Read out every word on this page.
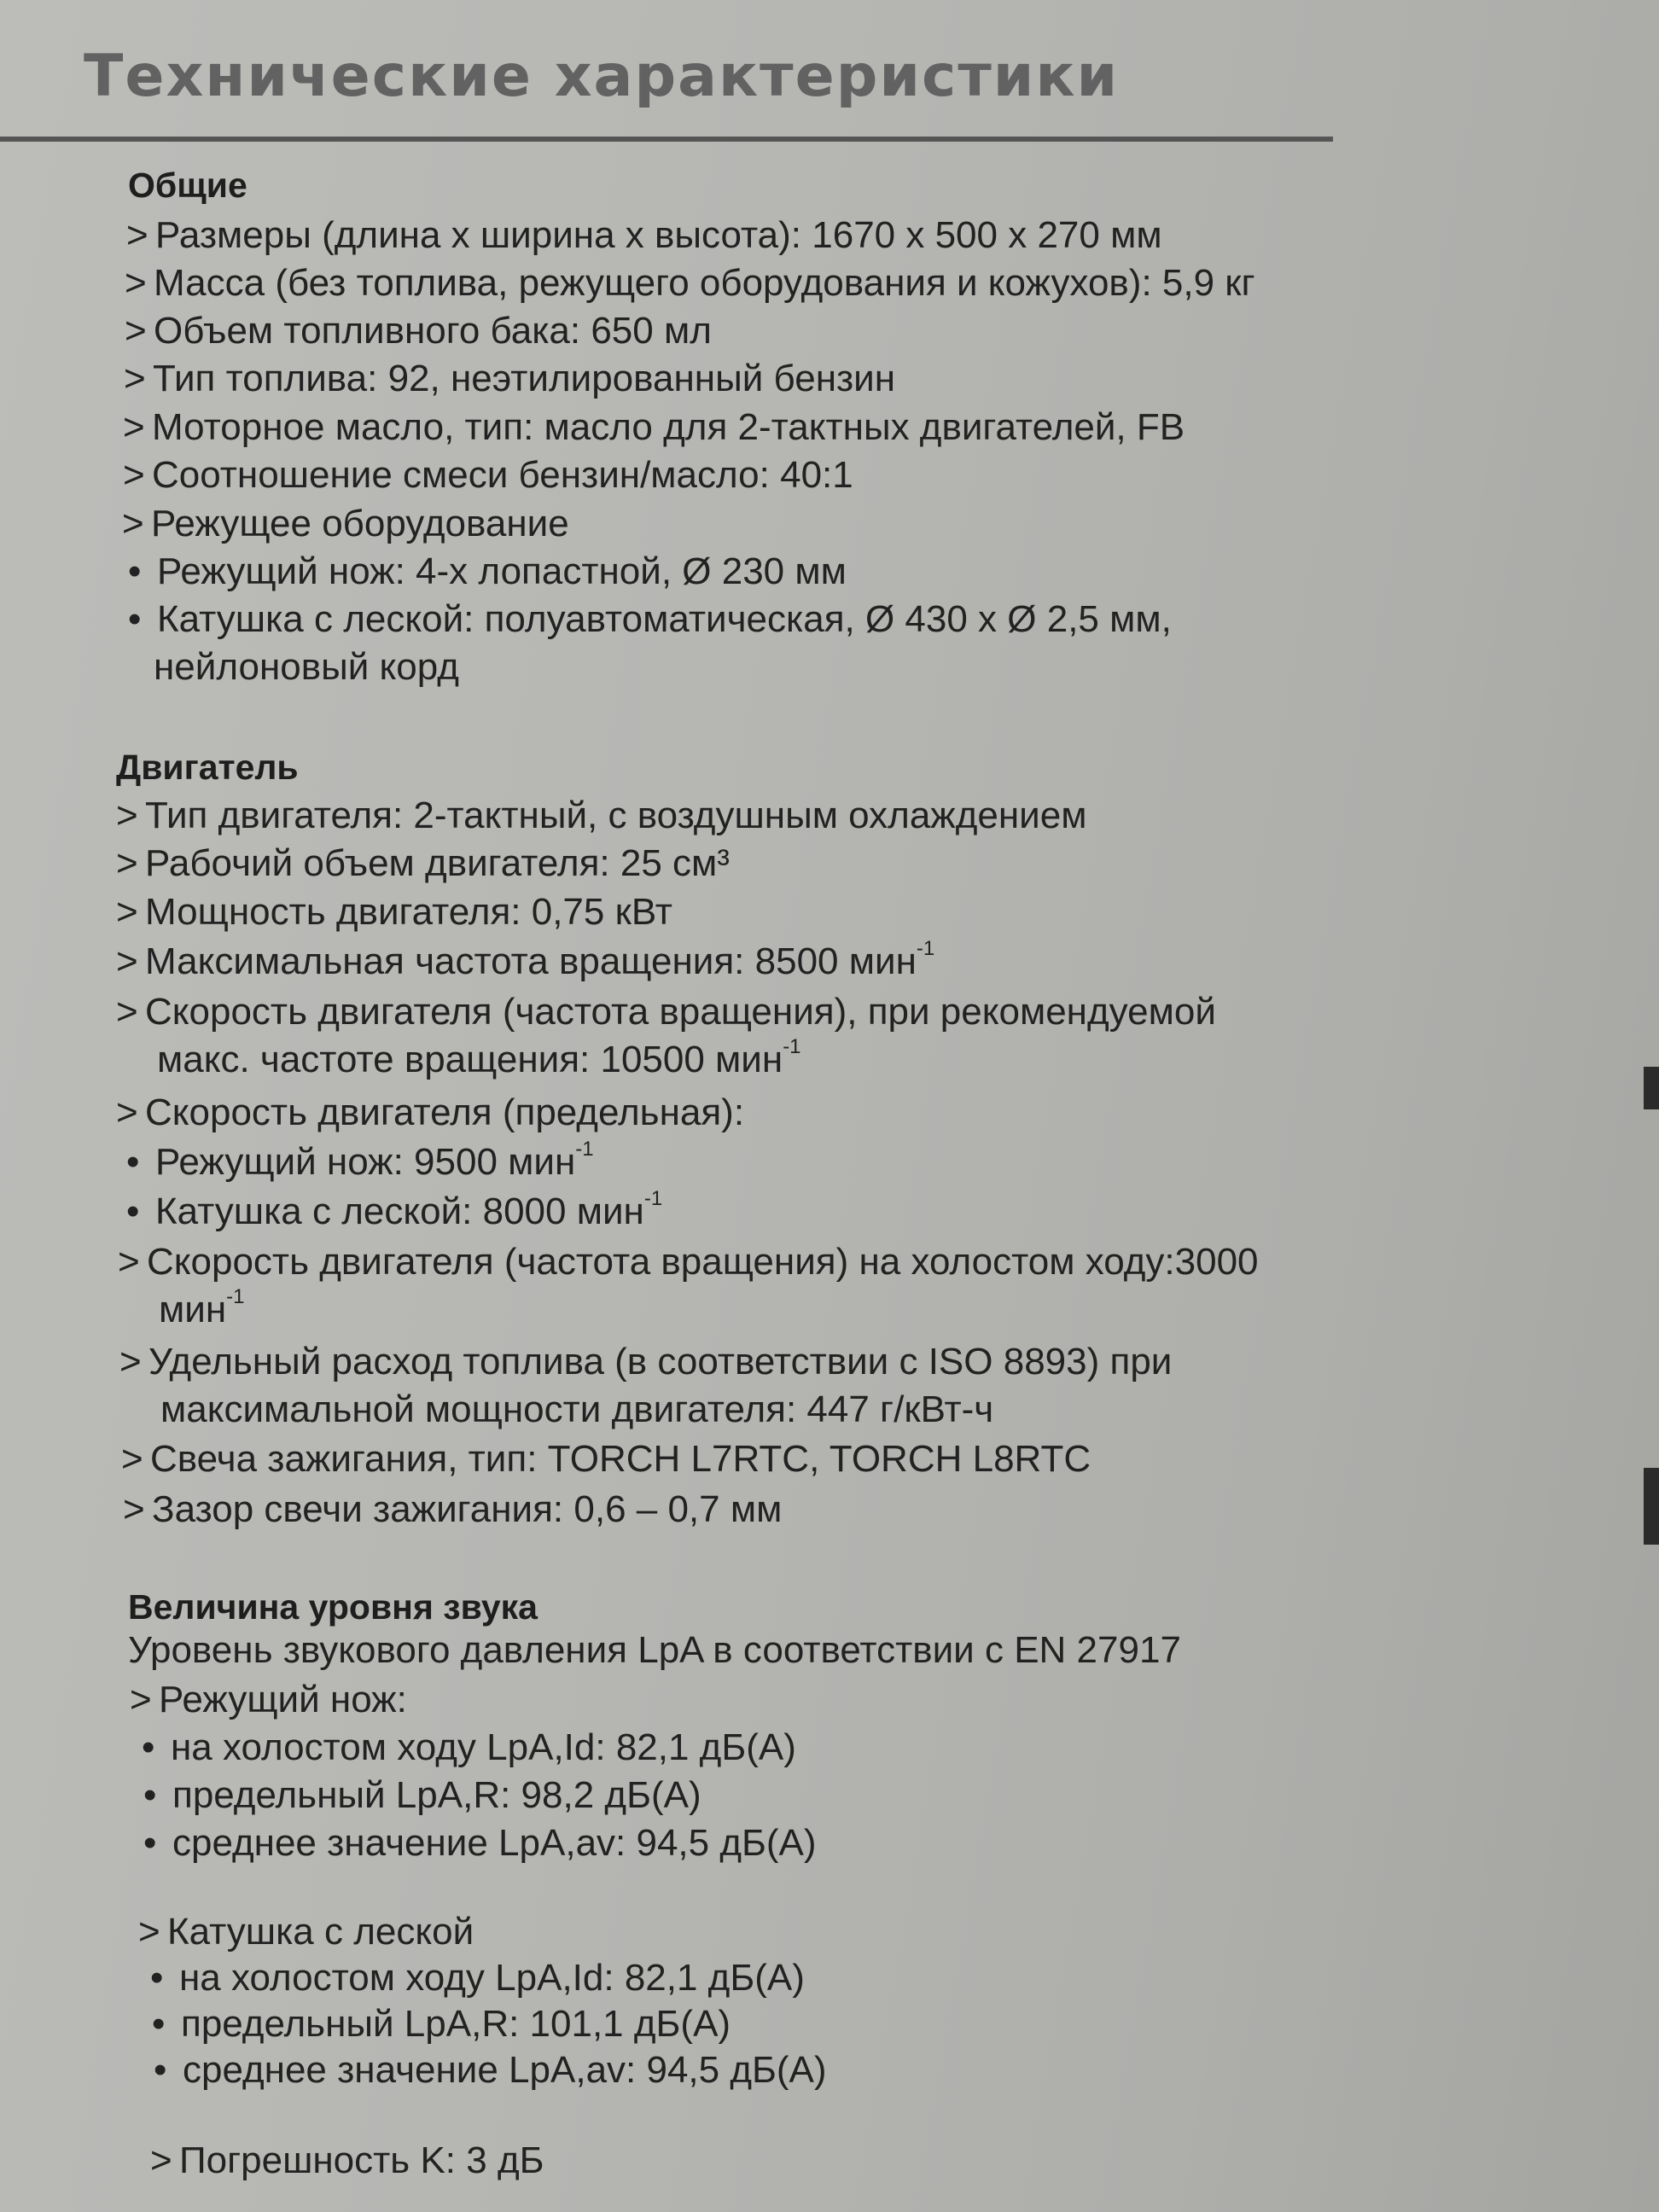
Технические характеристики
Общие
> Размеры (длина х ширина х высота): 1670 х 500 х 270 мм
> Масса (без топлива, режущего оборудования и кожухов): 5,9 кг
> Объем топливного бака: 650 мл
> Тип топлива: 92, неэтилированный бензин
> Моторное масло, тип: масло для 2-тактных двигателей, FB
> Соотношение смеси бензин/масло: 40:1
> Режущее оборудование
• Режущий нож: 4-х лопастной, Ø 230 мм
• Катушка с леской: полуавтоматическая, Ø 430 х Ø 2,5 мм,
нейлоновый корд
Двигатель
> Тип двигателя: 2-тактный, с воздушным охлаждением
> Рабочий объем двигателя: 25 см³
> Мощность двигателя: 0,75 кВт
> Максимальная частота вращения: 8500 мин$^{-1}$
> Скорость двигателя (частота вращения), при рекомендуемой
макс. частоте вращения: 10500 мин$^{-1}$
> Скорость двигателя (предельная):
• Режущий нож: 9500 мин$^{-1}$
• Катушка с леской: 8000 мин$^{-1}$
> Скорость двигателя (частота вращения) на холостом ходу:3000
мин$^{-1}$
> Удельный расход топлива (в соответствии с ISO 8893) при
максимальной мощности двигателя: 447 г/кВт-ч
> Свеча зажигания, тип: TORCH L7RTC, TORCH L8RTC
> Зазор свечи зажигания: 0,6 – 0,7 мм
Величина уровня звука
Уровень звукового давления LpA в соответствии с EN 27917
> Режущий нож:
• на холостом ходу LpA,Id: 82,1 дБ(А)
• предельный LpA,R: 98,2 дБ(А)
• среднее значение LpA,av: 94,5 дБ(А)
> Катушка с леской
• на холостом ходу LpA,Id: 82,1 дБ(А)
• предельный LpA,R: 101,1 дБ(А)
• среднее значение LpA,av: 94,5 дБ(А)
> Погрешность K: 3 дБ
